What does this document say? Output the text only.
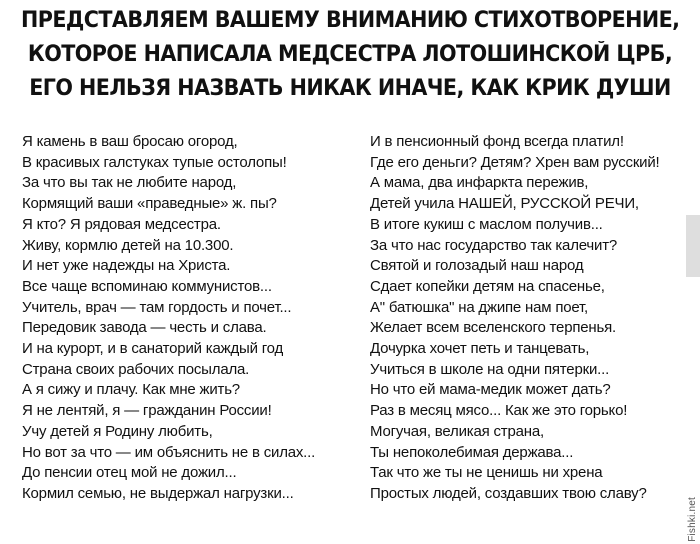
ПРЕДСТАВЛЯЕМ ВАШЕМУ ВНИМАНИЮ СТИХОТВОРЕНИЕ,
КОТОРОЕ НАПИСАЛА МЕДСЕСТРА ЛОТОШИНСКОЙ ЦРБ,
ЕГО НЕЛЬЗЯ НАЗВАТЬ НИКАК ИНАЧЕ, КАК КРИК ДУШИ
Я камень в ваш бросаю огород,
В красивых галстуках тупые остолопы!
За что вы так не любите народ,
Кормящий ваши «праведные» ж. пы?
Я кто? Я рядовая медсестра.
Живу, кормлю детей на 10.300.
И нет уже надежды на Христа.
Все чаще вспоминаю коммунистов...
Учитель, врач — там гордость и почет...
Передовик завода — честь и слава.
И на курорт, и в санаторий каждый год
Страна своих рабочих посылала.
А я сижу и плачу. Как мне жить?
Я не лентяй, я — гражданин России!
Учу детей я Родину любить,
Но вот за что — им объяснить не в силах...
До пенсии отец мой не дожил...
Кормил семью, не выдержал нагрузки...
И в пенсионный фонд всегда платил!
Где его деньги? Детям? Хрен вам русский!
А мама, два инфаркта пережив,
Детей учила НАШЕЙ, РУССКОЙ РЕЧИ,
В итоге кукиш с маслом получив...
За что нас государство так калечит?
Святой и голозадый наш народ
Сдает копейки детям на спасенье,
А" батюшка" на джипе нам поет,
Желает всем вселенского терпенья.
Дочурка хочет петь и танцевать,
Учиться в школе на одни пятерки...
Но что ей мама-медик может дать?
Раз в месяц мясо... Как же это горько!
Могучая, великая страна,
Ты непоколебимая держава...
Так что же ты не ценишь ни хрена
Простых людей, создавших твою славу?
Fishki.net
